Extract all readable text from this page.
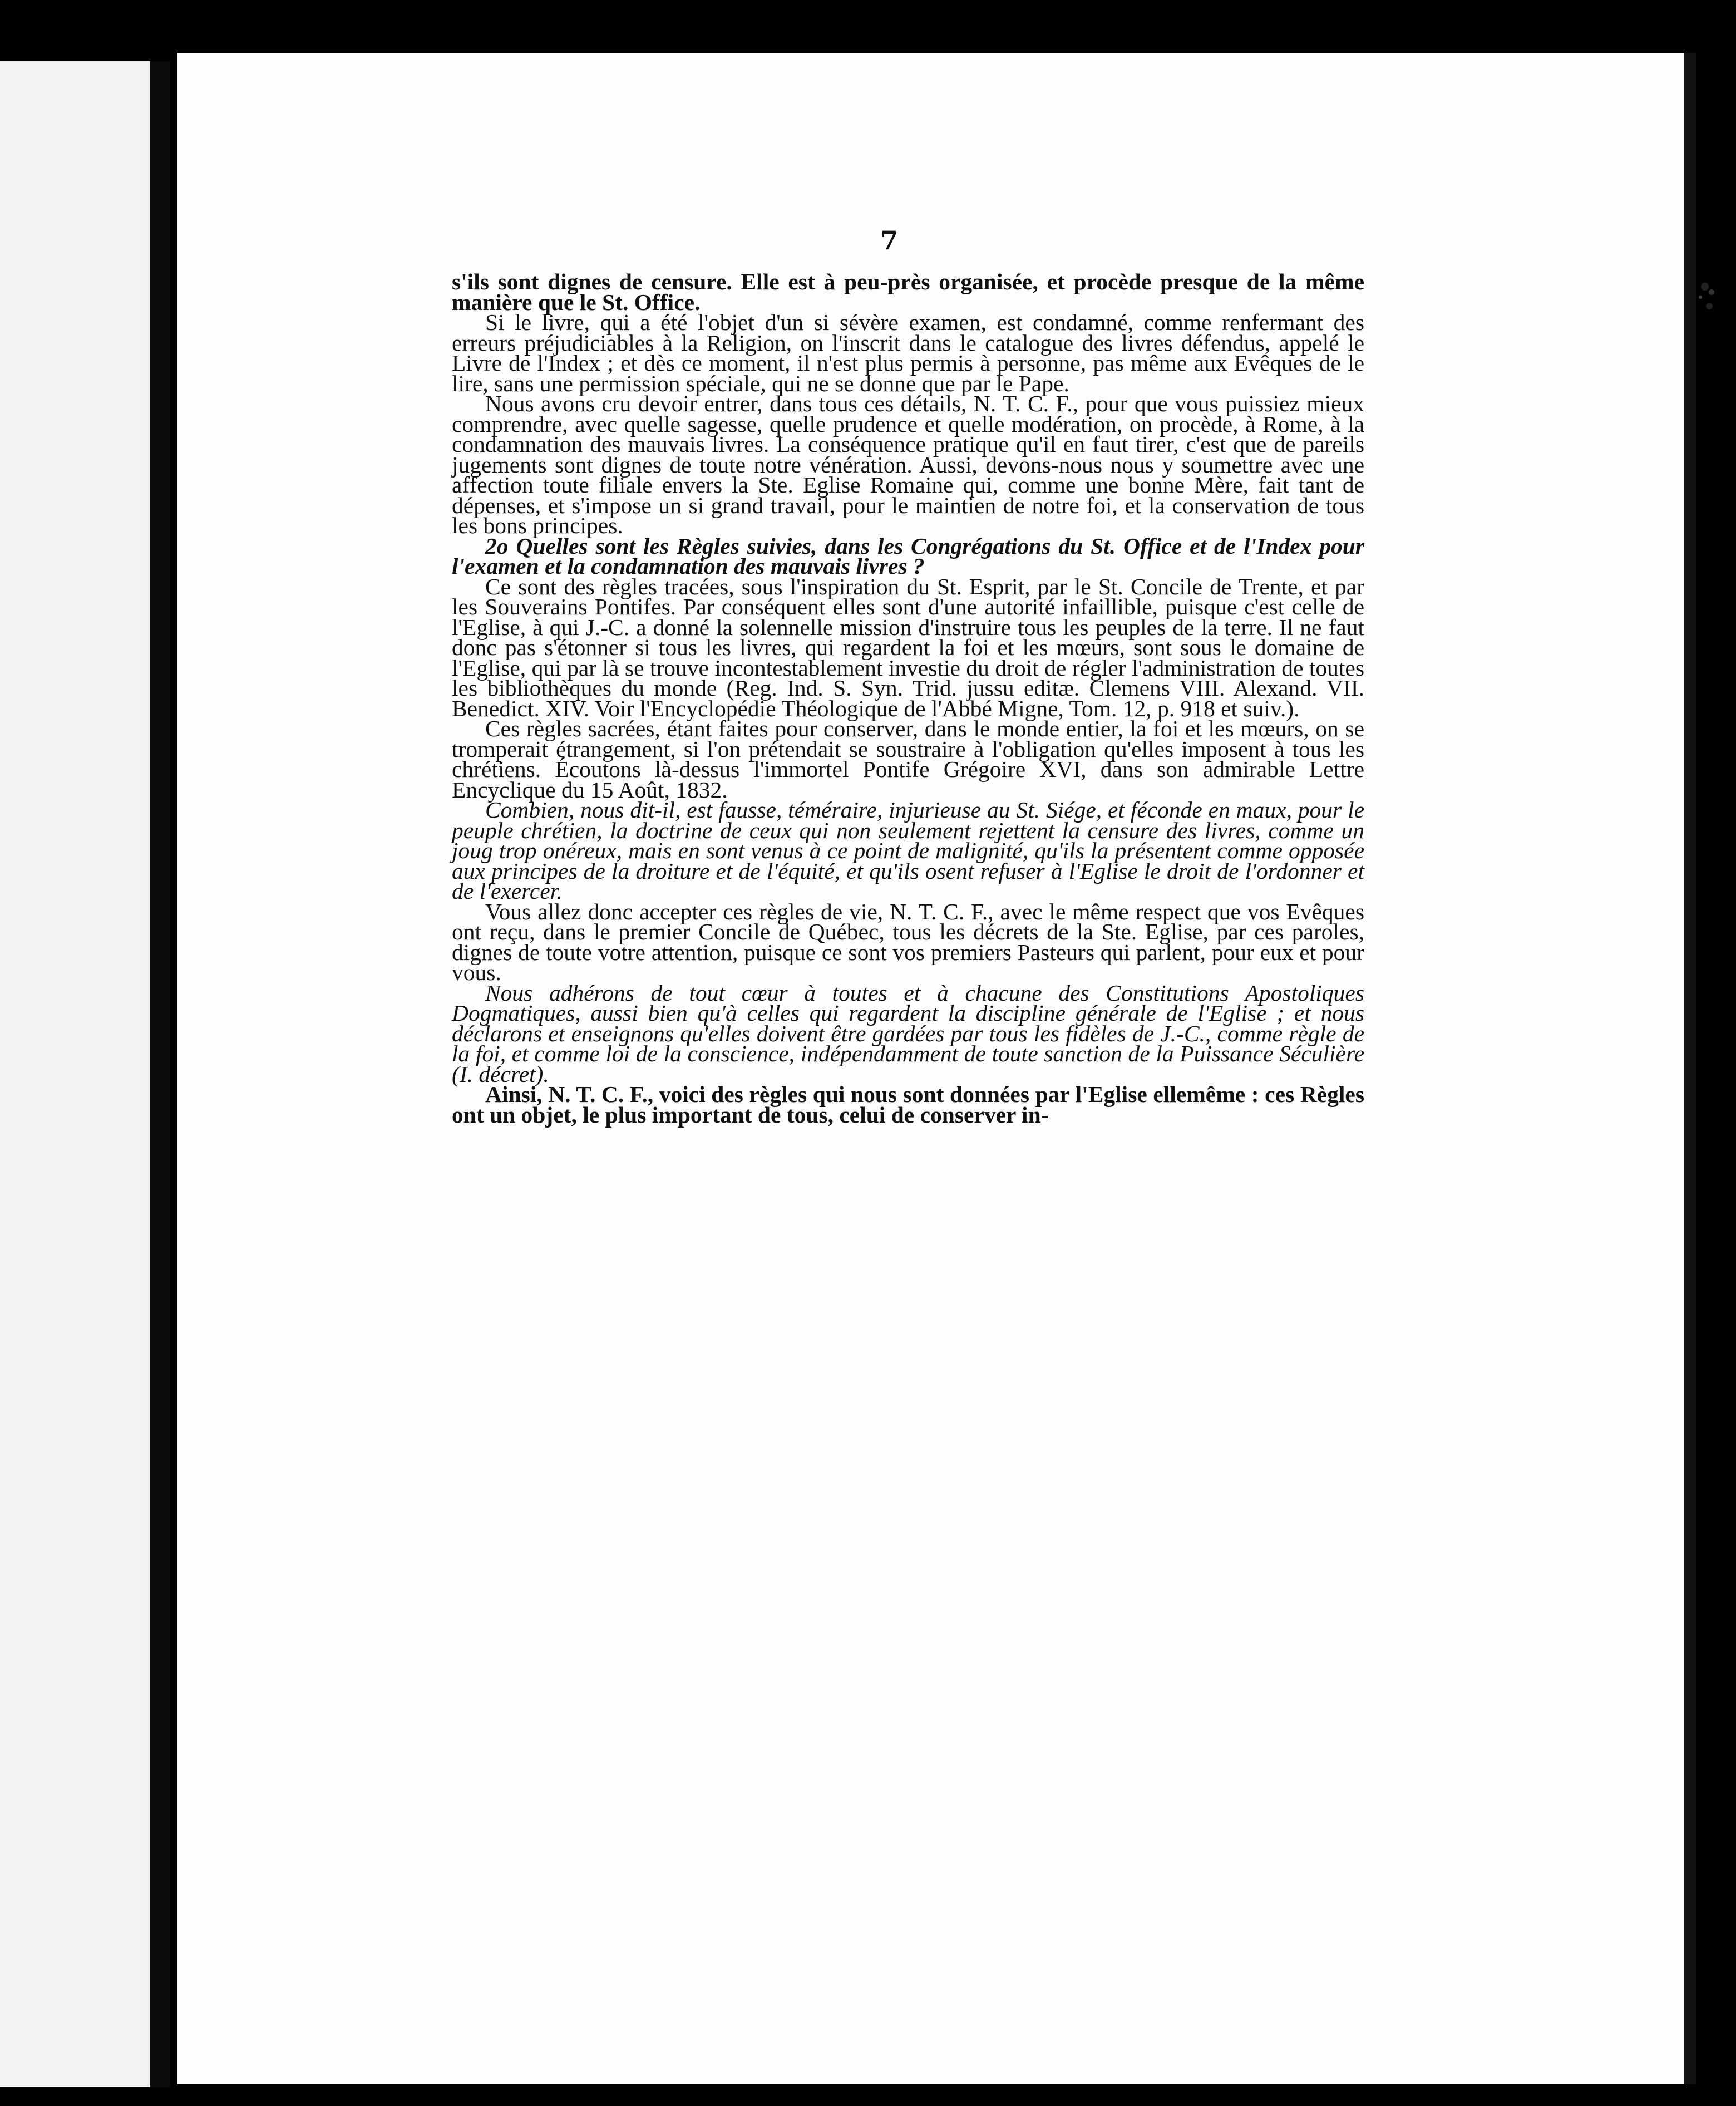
7

s'ils sont dignes de censure. Elle est à peu-près organisée, et procède presque de la même manière que le St. Office.

Si le livre, qui a été l'objet d'un si sévère examen, est condamné, comme renfermant des erreurs préjudiciables à la Religion, on l'inscrit dans le catalogue des livres défendus, appelé le Livre de l'Index ; et dès ce moment, il n'est plus permis à personne, pas même aux Evêques de le lire, sans une permission spéciale, qui ne se donne que par le Pape.

Nous avons cru devoir entrer, dans tous ces détails, N. T. C. F., pour que vous puissiez mieux comprendre, avec quelle sagesse, quelle prudence et quelle modération, on procède, à Rome, à la condamnation des mauvais livres. La conséquence pratique qu'il en faut tirer, c'est que de pareils jugements sont dignes de toute notre vénération. Aussi, devons-nous nous y soumettre avec une affection toute filiale envers la Ste. Eglise Romaine qui, comme une bonne Mère, fait tant de dépenses, et s'impose un si grand travail, pour le maintien de notre foi, et la conservation de tous les bons principes.

2o Quelles sont les Règles suivies, dans les Congrégations du St. Office et de l'Index pour l'examen et la condamnation des mauvais livres ?

Ce sont des règles tracées, sous l'inspiration du St. Esprit, par le St. Concile de Trente, et par les Souverains Pontifes. Par conséquent elles sont d'une autorité infaillible, puisque c'est celle de l'Eglise, à qui J.-C. a donné la solennelle mission d'instruire tous les peuples de la terre. Il ne faut donc pas s'étonner si tous les livres, qui regardent la foi et les mœurs, sont sous le domaine de l'Eglise, qui par là se trouve incontestablement investie du droit de régler l'administration de toutes les bibliothèques du monde (Reg. Ind. S. Syn. Trid. jussu editæ. Clemens VIII. Alexand. VII. Benedict. XIV. Voir l'Encyclopédie Théologique de l'Abbé Migne, Tom. 12, p. 918 et suiv.).

Ces règles sacrées, étant faites pour conserver, dans le monde entier, la foi et les mœurs, on se tromperait étrangement, si l'on prétendait se soustraire à l'obligation qu'elles imposent à tous les chrétiens. Écoutons là-dessus l'immortel Pontife Grégoire XVI, dans son admirable Lettre Encyclique du 15 Août, 1832.

Combien, nous dit-il, est fausse, téméraire, injurieuse au St. Siége, et féconde en maux, pour le peuple chrétien, la doctrine de ceux qui non seulement rejettent la censure des livres, comme un joug trop onéreux, mais en sont venus à ce point de malignité, qu'ils la présentent comme opposée aux principes de la droiture et de l'équité, et qu'ils osent refuser à l'Eglise le droit de l'ordonner et de l'exercer.

Vous allez donc accepter ces règles de vie, N. T. C. F., avec le même respect que vos Evêques ont reçu, dans le premier Concile de Québec, tous les décrets de la Ste. Eglise, par ces paroles, dignes de toute votre attention, puisque ce sont vos premiers Pasteurs qui parlent, pour eux et pour vous.

Nous adhérons de tout cœur à toutes et à chacune des Constitutions Apostoliques Dogmatiques, aussi bien qu'à celles qui regardent la discipline générale de l'Eglise ; et nous déclarons et enseignons qu'elles doivent être gardées par tous les fidèles de J.-C., comme règle de la foi, et comme loi de la conscience, indépendamment de toute sanction de la Puissance Séculière (I. décret).

Ainsi, N. T. C. F., voici des règles qui nous sont données par l'Eglise ellemême : ces Règles ont un objet, le plus important de tous, celui de conserver in-
